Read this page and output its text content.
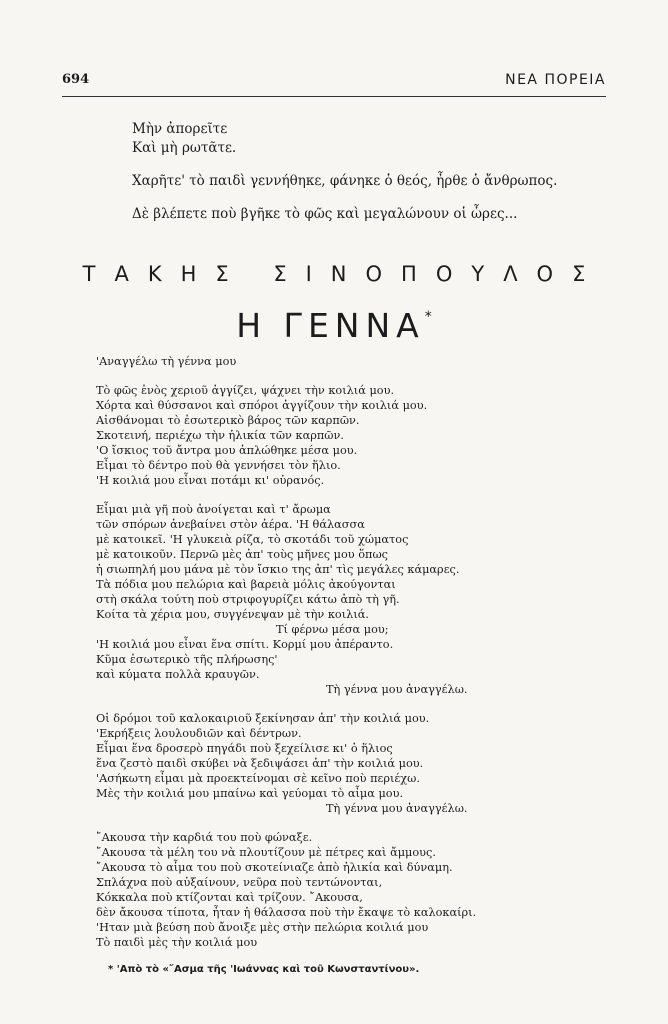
694	ΝΕΑ ΠΟΡΕΙΑ
Μὴν ἀπορεῖτε
Καὶ μὴ ρωτᾶτε.
Χαρῆτε' τὸ παιδὶ γεννήθηκε, φάνηκε ὁ θεός, ἦρθε ὁ ἄνθρωπος.
Δὲ βλέπετε ποὺ βγῆκε τὸ φῶς καὶ μεγαλώνουν οἱ ὧρες...
ΤΑΚΗΣ ΣΙΝΟΠΟΥΛΟΣ
Η ΓΕΝΝΑ*
'Αναγγέλω τὴ γέννα μου
Τὸ φῶς ἑνὸς χεριοῦ ἀγγίζει, ψάχνει τὴν κοιλιά μου.
Χόρτα καὶ θύσσανοι καὶ σπόροι ἀγγίζουν τὴν κοιλιά μου.
Αἰσθάνομαι τὸ ἐσωτερικὸ βάρος τῶν καρπῶν.
Σκοτεινή, περιέχω τὴν ἡλικία τῶν καρπῶν.
'Ο ἴσκιος τοῦ ἄντρα μου ἁπλώθηκε μέσα μου.
Εἶμαι τὸ δέντρο ποὺ θὰ γεννήσει τὸν ἥλιο.
'Η κοιλιά μου εἶναι ποτάμι κι' οὐρανός.
Εἶμαι μιὰ γῆ ποὺ ἀνοίγεται καὶ τ' ἄρωμα
τῶν σπόρων ἀνεβαίνει στὸν ἀέρα. 'Η θάλασσα
μὲ κατοικεῖ. 'Η γλυκειὰ ρίζα, τὸ σκοτάδι τοῦ χώματος
μὲ κατοικοῦν. Περνῶ μὲς ἀπ' τοὺς μῆνες μου ὅπως
ἡ σιωπηλή μου μάνα μὲ τὸν ἴσκιο της ἀπ' τὶς μεγάλες κάμαρες.
Τὰ πόδια μου πελώρια καὶ βαρειὰ μόλις ἀκούγονται
στὴ σκάλα τούτη ποὺ στριφογυρίζει κάτω ἀπὸ τὴ γῆ.
Κοίτα τὰ χέρια μου, συγγένεψαν μὲ τὴν κοιλιά.
Τί φέρνω μέσα μου;
'Η κοιλιά μου εἶναι ἕνα σπίτι. Κορμί μου ἀπέραντο.
Κῦμα ἐσωτερικὸ τῆς πλήρωσης'
καὶ κύματα πολλὰ κραυγῶν.
Τὴ γέννα μου ἀναγγέλω.
Οἱ δρόμοι τοῦ καλοκαιριοῦ ξεκίνησαν ἀπ' τὴν κοιλιά μου.
'Εκρήξεις λουλουδιῶν καὶ δέντρων.
Εἶμαι ἕνα δροσερὸ πηγάδι ποὺ ξεχείλισε κι' ὁ ἥλιος
ἕνα ζεστὸ παιδὶ σκύβει νὰ ξεδιψάσει ἀπ' τὴν κοιλιά μου.
'Ασήκωτη εἶμαι μὰ προεκτείνομαι σὲ κεῖνο ποὺ περιέχω.
Μὲς τὴν κοιλιά μου μπαίνω καὶ γεύομαι τὸ αἷμα μου.
Τὴ γέννα μου ἀναγγέλω.
῎Ακουσα τὴν καρδιά του ποὺ φώναξε.
῎Ακουσα τὰ μέλη του νὰ πλουτίζουν μὲ πέτρες καὶ ἄμμους.
῎Ακουσα τὸ αἷμα του ποὺ σκοτείνιαζε ἀπὸ ἡλικία καὶ δύναμη.
Σπλάχνα ποὺ αὐξαίνουν, νεῦρα ποὺ τεντώνονται,
Κόκκαλα ποὺ κτίζονται καὶ τρίζουν. ῎Ακουσα,
δὲν ἄκουσα τίποτα, ἦταν ἡ θάλασσα ποὺ τὴν ἔκαψε τὸ καλοκαίρι.
'Ηταν μιὰ βεύση ποὺ ἄνοιξε μὲς στὴν πελώρια κοιλιά μου
Τὸ παιδὶ μὲς τὴν κοιλιά μου
* 'Απὸ τὸ «῎Ασμα τῆς 'Ιωάννας καὶ τοῦ Κωνσταντίνου».
